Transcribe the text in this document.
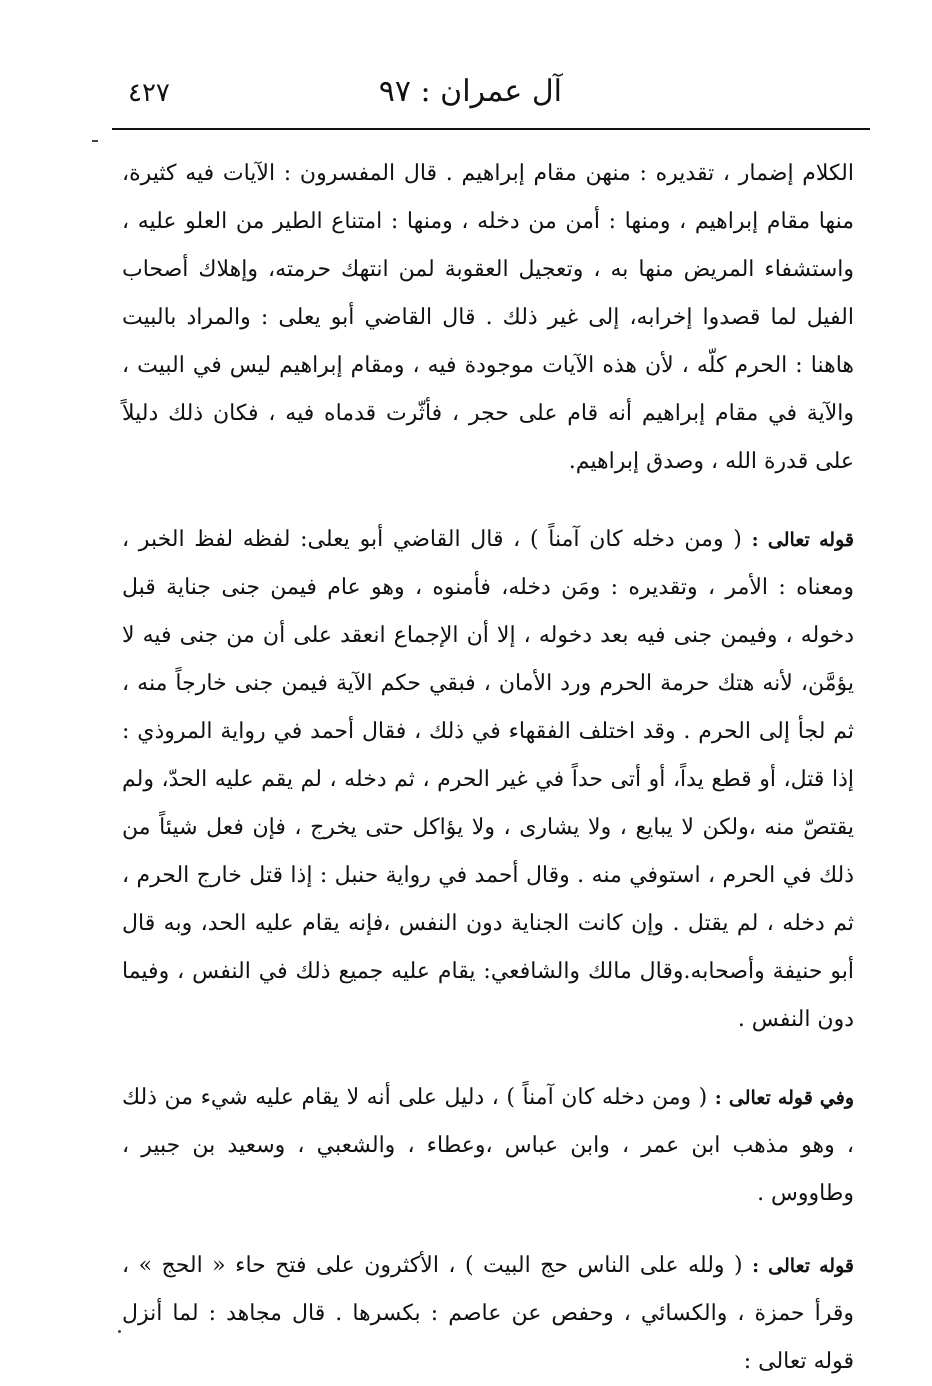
آل عمران : ٩٧
٤٢٧

الكلام إضمار ، تقديره : منهن مقام إبراهيم . قال المفسرون : الآيات فيه كثيرة، منها مقام إبراهيم ، ومنها : أمن من دخله ، ومنها : امتناع الطير من العلو عليه ، واستشفاء المريض منها به ، وتعجيل العقوبة لمن انتهك حرمته، وإهلاك أصحاب الفيل لما قصدوا إخرابه، إلى غير ذلك . قال القاضي أبو يعلى : والمراد بالبيت هاهنا : الحرم كلّه ، لأن هذه الآيات موجودة فيه ، ومقام إبراهيم ليس في البيت ، والآية في مقام إبراهيم أنه قام على حجر ، فأثّرت قدماه فيه ، فكان ذلك دليلاً على قدرة الله ، وصدق إبراهيم.

قوله تعالى : ( ومن دخله كان آمناً ) ، قال القاضي أبو يعلى: لفظه لفظ الخبر ، ومعناه : الأمر ، وتقديره : ومَن دخله، فأمنوه ، وهو عام فيمن جنى جناية قبل دخوله ، وفيمن جنى فيه بعد دخوله ، إلا أن الإجماع انعقد على أن من جنى فيه لا يؤمَّن، لأنه هتك حرمة الحرم ورد الأمان ، فبقي حكم الآية فيمن جنى خارجاً منه ، ثم لجأ إلى الحرم . وقد اختلف الفقهاء في ذلك ، فقال أحمد في رواية المروذي : إذا قتل، أو قطع يداً، أو أتى حداً في غير الحرم ، ثم دخله ، لم يقم عليه الحدّ، ولم يقتصّ منه ،ولكن لا يبايع ، ولا يشارى ، ولا يؤاكل حتى يخرج ، فإن فعل شيئاً من ذلك في الحرم ، استوفي منه . وقال أحمد في رواية حنبل : إذا قتل خارج الحرم ، ثم دخله ، لم يقتل . وإن كانت الجناية دون النفس ،فإنه يقام عليه الحد، وبه قال أبو حنيفة وأصحابه.وقال مالك والشافعي: يقام عليه جميع ذلك في النفس ، وفيما دون النفس .

وفي قوله تعالى : ( ومن دخله كان آمناً ) ، دليل على أنه لا يقام عليه شيء من ذلك ، وهو مذهب ابن عمر ، وابن عباس ،وعطاء ، والشعبي ، وسعيد بن جبير ، وطاووس .

قوله تعالى : ( ولله على الناس حج البيت ) ، الأكثرون على فتح حاء « الحج » ، وقرأ حمزة ، والكسائي ، وحفص عن عاصم : بكسرها . قال مجاهد : لما أنزل قوله تعالى :
